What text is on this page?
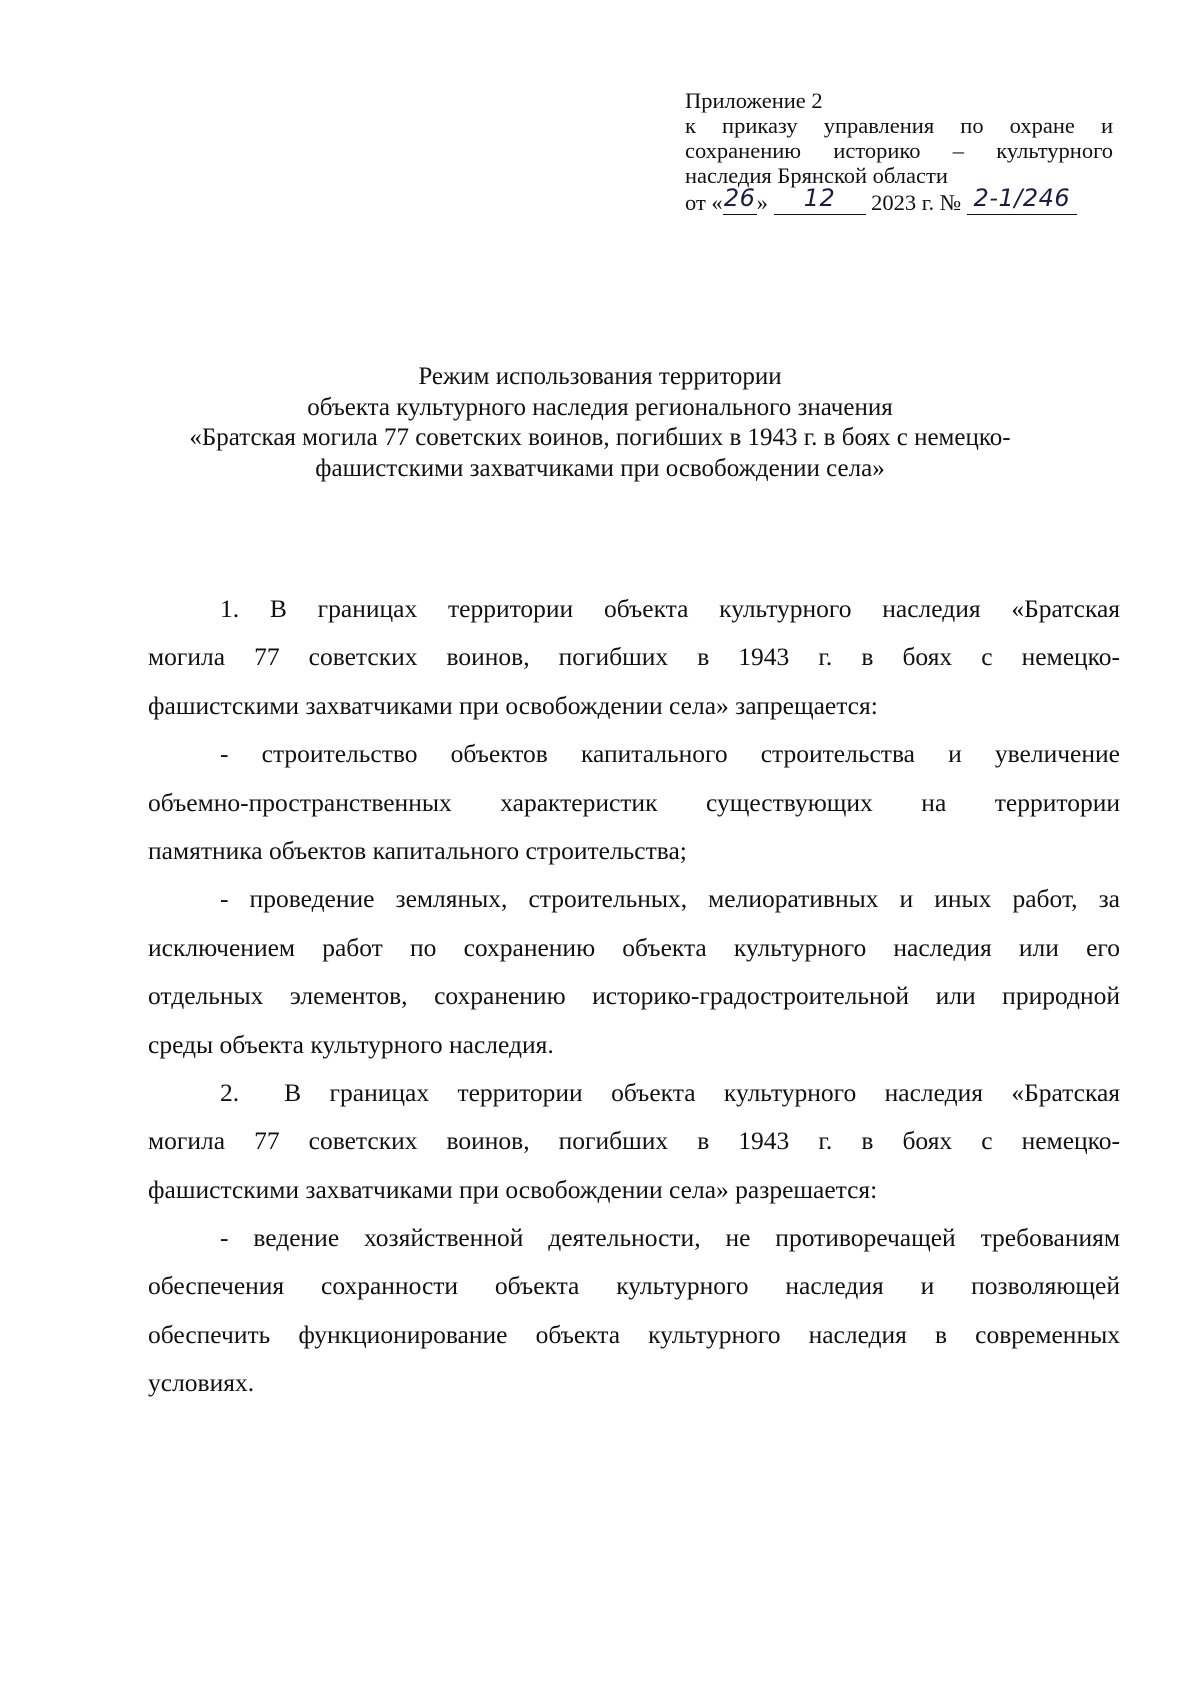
Приложение 2
к приказу управления по охране и
сохранению историко – культурного
наследия Брянской области
от «26» 12 2023 г. № 2-1/246
Режим использования территории
объекта культурного наследия регионального значения
«Братская могила 77 советских воинов, погибших в 1943 г. в боях с немецко-
фашистскими захватчиками при освобождении села»
1. В границах территории объекта культурного наследия «Братская
могила 77 советских воинов, погибших в 1943 г. в боях с немецко-
фашистскими захватчиками при освобождении села» запрещается:
- строительство объектов капитального строительства и увеличение
объемно-пространственных характеристик существующих на территории
памятника объектов капитального строительства;
- проведение земляных, строительных, мелиоративных и иных работ, за
исключением работ по сохранению объекта культурного наследия или его
отдельных элементов, сохранению историко-градостроительной или природной
среды объекта культурного наследия.
2. В границах территории объекта культурного наследия «Братская
могила 77 советских воинов, погибших в 1943 г. в боях с немецко-
фашистскими захватчиками при освобождении села» разрешается:
- ведение хозяйственной деятельности, не противоречащей требованиям
обеспечения сохранности объекта культурного наследия и позволяющей
обеспечить функционирование объекта культурного наследия в современных
условиях.
